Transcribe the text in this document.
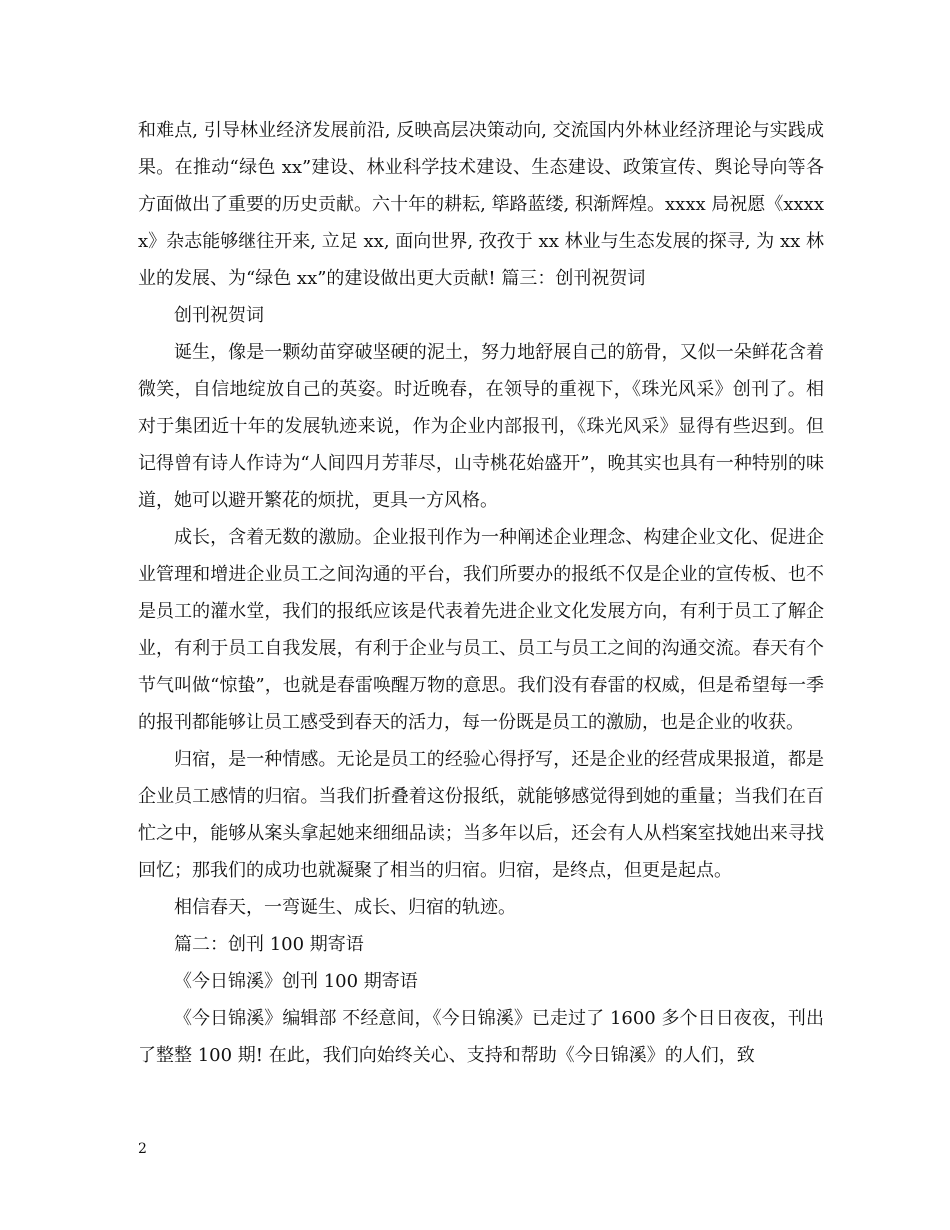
和难点, 引导林业经济发展前沿, 反映高层决策动向, 交流国内外林业经济理论与实践成果。在推动“绿色 xx”建设、林业科学技术建设、生态建设、政策宣传、舆论导向等各方面做出了重要的历史贡献。六十年的耕耘, 筚路蓝缕, 积渐辉煌。xxxx 局祝愿《xxxxx》杂志能够继往开来, 立足 xx, 面向世界, 孜孜于 xx 林业与生态发展的探寻, 为 xx 林业的发展、为“绿色 xx”的建设做出更大贡献! 篇三：创刊祝贺词

创刊祝贺词

诞生，像是一颗幼苗穿破坚硬的泥土，努力地舒展自己的筋骨，又似一朵鲜花含着微笑，自信地绽放自己的英姿。时近晚春，在领导的重视下，《珠光风采》创刊了。相对于集团近十年的发展轨迹来说，作为企业内部报刊，《珠光风采》显得有些迟到。但记得曾有诗人作诗为“人间四月芳菲尽，山寺桃花始盛开”，晚其实也具有一种特别的味道，她可以避开繁花的烦扰，更具一方风格。

成长，含着无数的激励。企业报刊作为一种阐述企业理念、构建企业文化、促进企业管理和增进企业员工之间沟通的平台，我们所要办的报纸不仅是企业的宣传板、也不是员工的灌水堂，我们的报纸应该是代表着先进企业文化发展方向，有利于员工了解企业，有利于员工自我发展，有利于企业与员工、员工与员工之间的沟通交流。春天有个节气叫做“惊蛰”，也就是春雷唤醒万物的意思。我们没有春雷的权威，但是希望每一季的报刊都能够让员工感受到春天的活力，每一份既是员工的激励，也是企业的收获。

归宿，是一种情感。无论是员工的经验心得抒写，还是企业的经营成果报道，都是企业员工感情的归宿。当我们折叠着这份报纸，就能够感觉得到她的重量；当我们在百忙之中，能够从案头拿起她来细细品读；当多年以后，还会有人从档案室找她出来寻找回忆；那我们的成功也就凝聚了相当的归宿。归宿，是终点，但更是起点。

相信春天，一弯诞生、成长、归宿的轨迹。

篇二：创刊 100 期寄语

《今日锦溪》创刊 100 期寄语

《今日锦溪》编辑部 不经意间，《今日锦溪》已走过了 1600 多个日日夜夜，刊出了整整 100 期! 在此，我们向始终关心、支持和帮助《今日锦溪》的人们，致

2
